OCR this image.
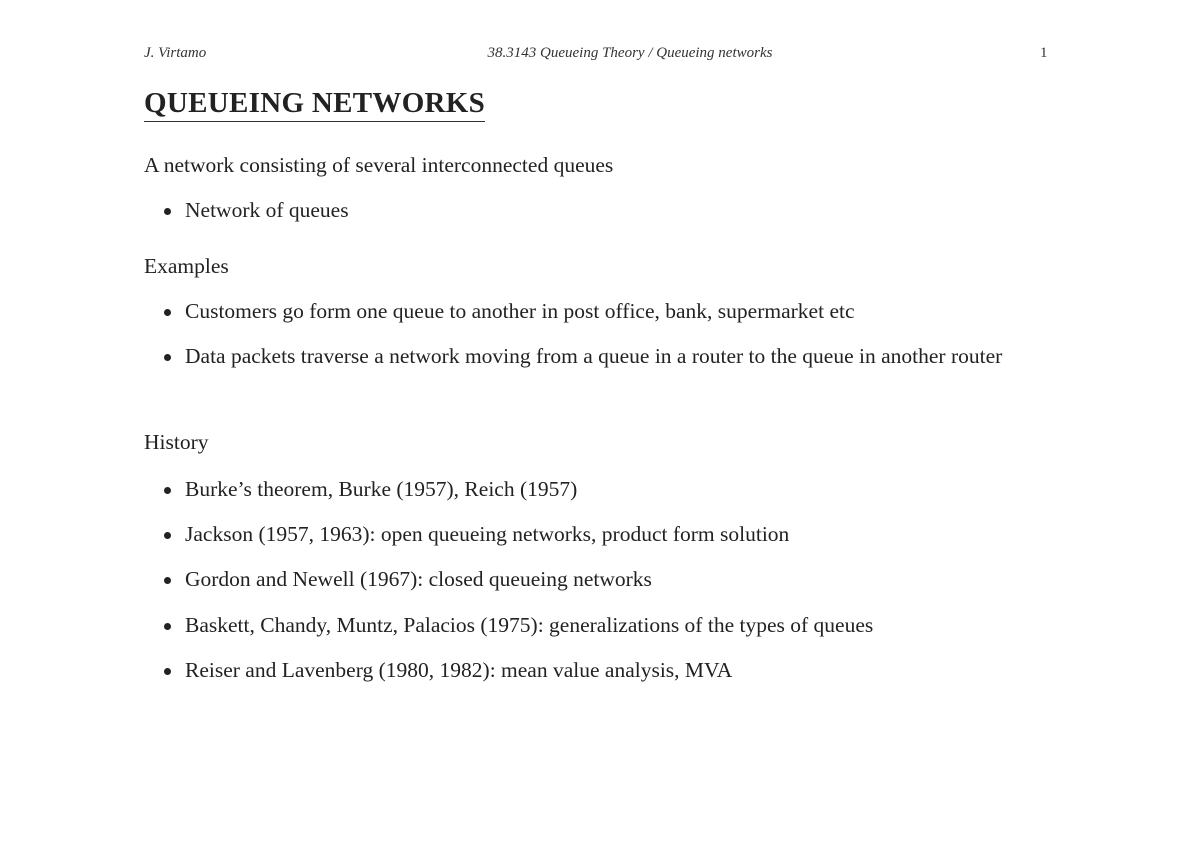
J. Virtamo	38.3143 Queueing Theory / Queueing networks	1
QUEUEING NETWORKS
A network consisting of several interconnected queues
Network of queues
Examples
Customers go form one queue to another in post office, bank, supermarket etc
Data packets traverse a network moving from a queue in a router to the queue in another router
History
Burke’s theorem, Burke (1957), Reich (1957)
Jackson (1957, 1963): open queueing networks, product form solution
Gordon and Newell (1967): closed queueing networks
Baskett, Chandy, Muntz, Palacios (1975): generalizations of the types of queues
Reiser and Lavenberg (1980, 1982): mean value analysis, MVA
